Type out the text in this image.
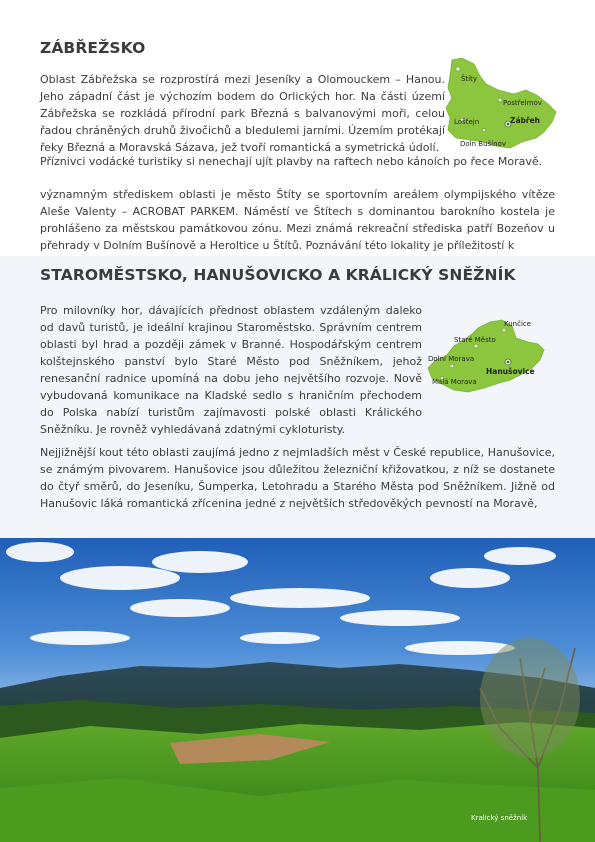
ZÁBŘEŽSKO

Oblast Zábřežska se rozprostírá mezi Jeseníky a Olomouckem – Hanou. Jeho západní část je výchozím bodem do Orlických hor. Na části území Zábřežska se rozkládá přírodní park Březná s balvanovými moři, celou řadou chráněných druhů živočichů a bledulemi jarními. Územím protékají řeky Březná a Moravská Sázava, jež tvoří romantická a symetrická údolí.

Příznivci vodácké turistiky si nenechají ujít plavby na raftech nebo kánoích po řece Moravě.

Štíty
Postřelmov
Lošťejn	Zábřeh
Doln Bušínov

významným střediskem oblasti je město Štíty se sportovním areálem olympijského vítěze Aleše Valenty – ACROBAT PARKEM. Náměstí ve Štítech s dominantou barokního kostela je prohlášeno za městskou památkovou zónu. Mezi známá rekreační střediska patří Bozeňov u přehrady v Dolním Bušínově a Heroltice u Štítů. Poznávání této lokality je příležitostí k

STAROMĚSTSKO, HANUŠOVICKO A KRÁLICKÝ SNĚŽNÍK

Pro milovníky hor, dávajících přednost oblastem vzdáleným daleko od davů turistů, je ideální krajinou Staroměstsko. Správním centrem oblasti byl hrad a později zámek v Branné. Hospodářským centrem kolštejnského panství bylo Staré Město pod Sněžníkem, jehož renesanční radnice upomíná na dobu jeho největšího rozvoje. Nově vybudovaná komunikace na Kladské sedlo s hraničním přechodem do Polska nabízí turistům zajímavosti polské oblasti Králického Sněžníku. Je rovněž vyhledávaná zdatnými cykloturisty.

Kunčice
Staré Město
Dolní Morava
Hanušovice
Malá Morava

Nejjižnější kout této oblasti zaujímá jedno z nejmladších měst v České republice, Hanušovice, se známým pivovarem. Hanušovice jsou důležitou železniční křižovatkou, z níž se dostanete do čtyř směrů, do Jeseníku, Šumperka, Letohradu a Starého Města pod Sněžníkem. Jižně od Hanušovic láká romantická zřícenina jedné z největších středověkých pevností na Moravě,

Kralický sněžník
